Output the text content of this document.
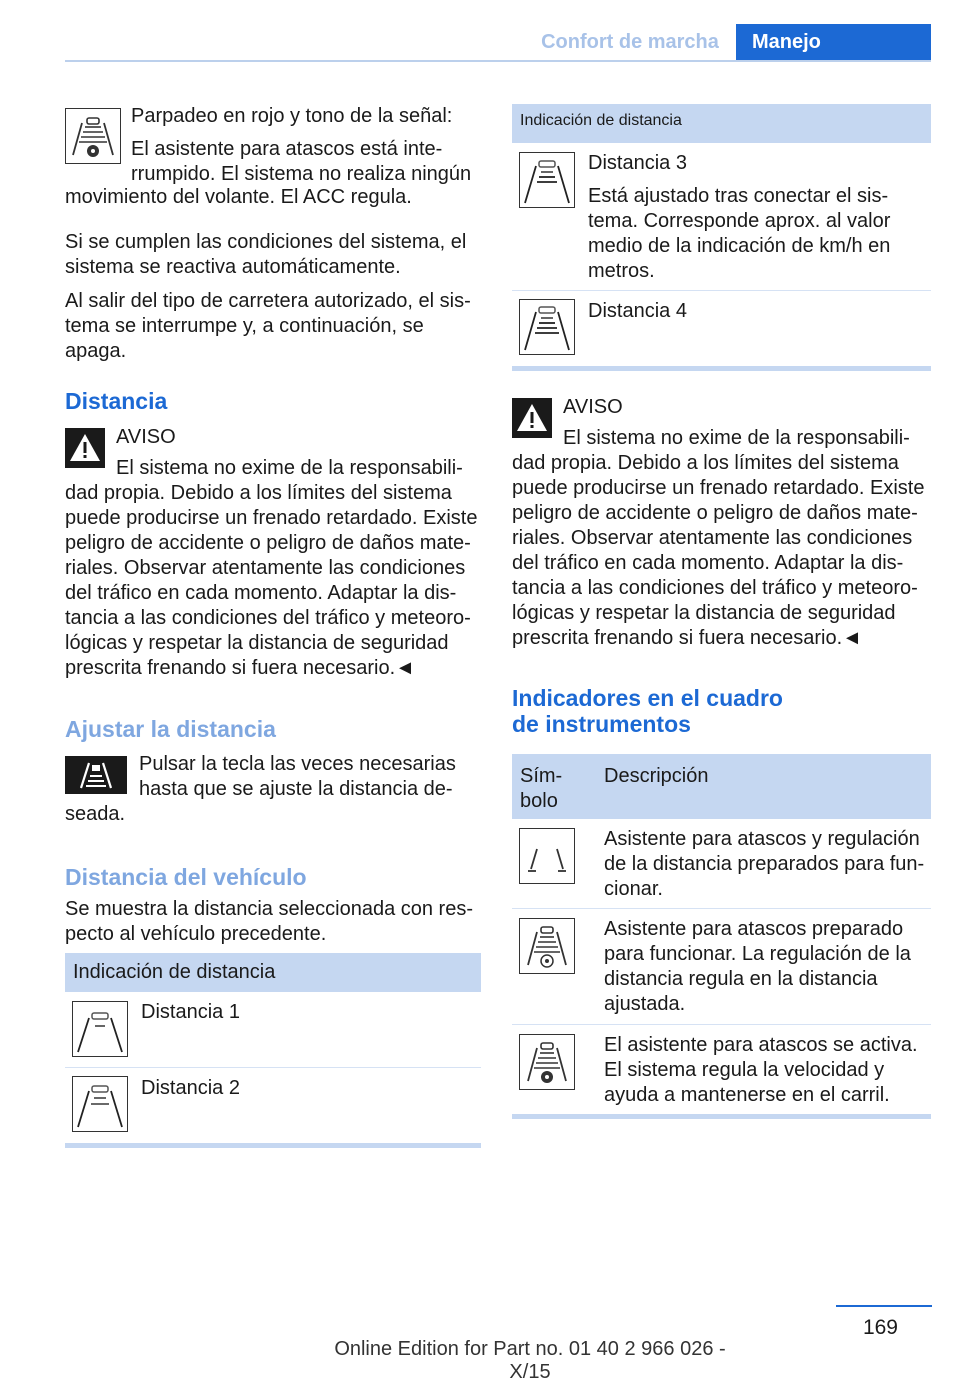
Confort de marcha	Manejo

Parpadeo en rojo y tono de la señal:

El asistente para atascos está inte-

rrumpido. El sistema no realiza ningún

movimiento del volante. El ACC regula.

Si se cumplen las condiciones del sistema, el

sistema se reactiva automáticamente.

Al salir del tipo de carretera autorizado, el sis-

tema se interrumpe y, a continuación, se

apaga.

Distancia

AVISO

El sistema no exime de la responsabili-

dad propia. Debido a los límites del sistema

puede producirse un frenado retardado. Existe

peligro de accidente o peligro de daños mate-

riales. Observar atentamente las condiciones

del tráfico en cada momento. Adaptar la dis-

tancia a las condiciones del tráfico y meteoro-

lógicas y respetar la distancia de seguridad

prescrita frenando si fuera necesario.◄

Ajustar la distancia

Pulsar la tecla las veces necesarias

hasta que se ajuste la distancia de-

seada.

Distancia del vehículo

Se muestra la distancia seleccionada con res-

pecto al vehículo precedente.

Indicación de distancia

Distancia 1

Distancia 2

Indicación de distancia

Distancia 3

Está ajustado tras conectar el sis-

tema. Corresponde aprox. al valor

medio de la indicación de km/h en

metros.

Distancia 4

AVISO

El sistema no exime de la responsabili-

dad propia. Debido a los límites del sistema

puede producirse un frenado retardado. Existe

peligro de accidente o peligro de daños mate-

riales. Observar atentamente las condiciones

del tráfico en cada momento. Adaptar la dis-

tancia a las condiciones del tráfico y meteoro-

lógicas y respetar la distancia de seguridad

prescrita frenando si fuera necesario.◄

Indicadores en el cuadro
de instrumentos

Sím-

bolo

Descripción

Asistente para atascos y regulación

de la distancia preparados para fun-

cionar.

Asistente para atascos preparado

para funcionar. La regulación de la

distancia regula en la distancia

ajustada.

El asistente para atascos se activa.

El sistema regula la velocidad y

ayuda a mantenerse en el carril.

169
Online Edition for Part no. 01 40 2 966 026 - X/15
